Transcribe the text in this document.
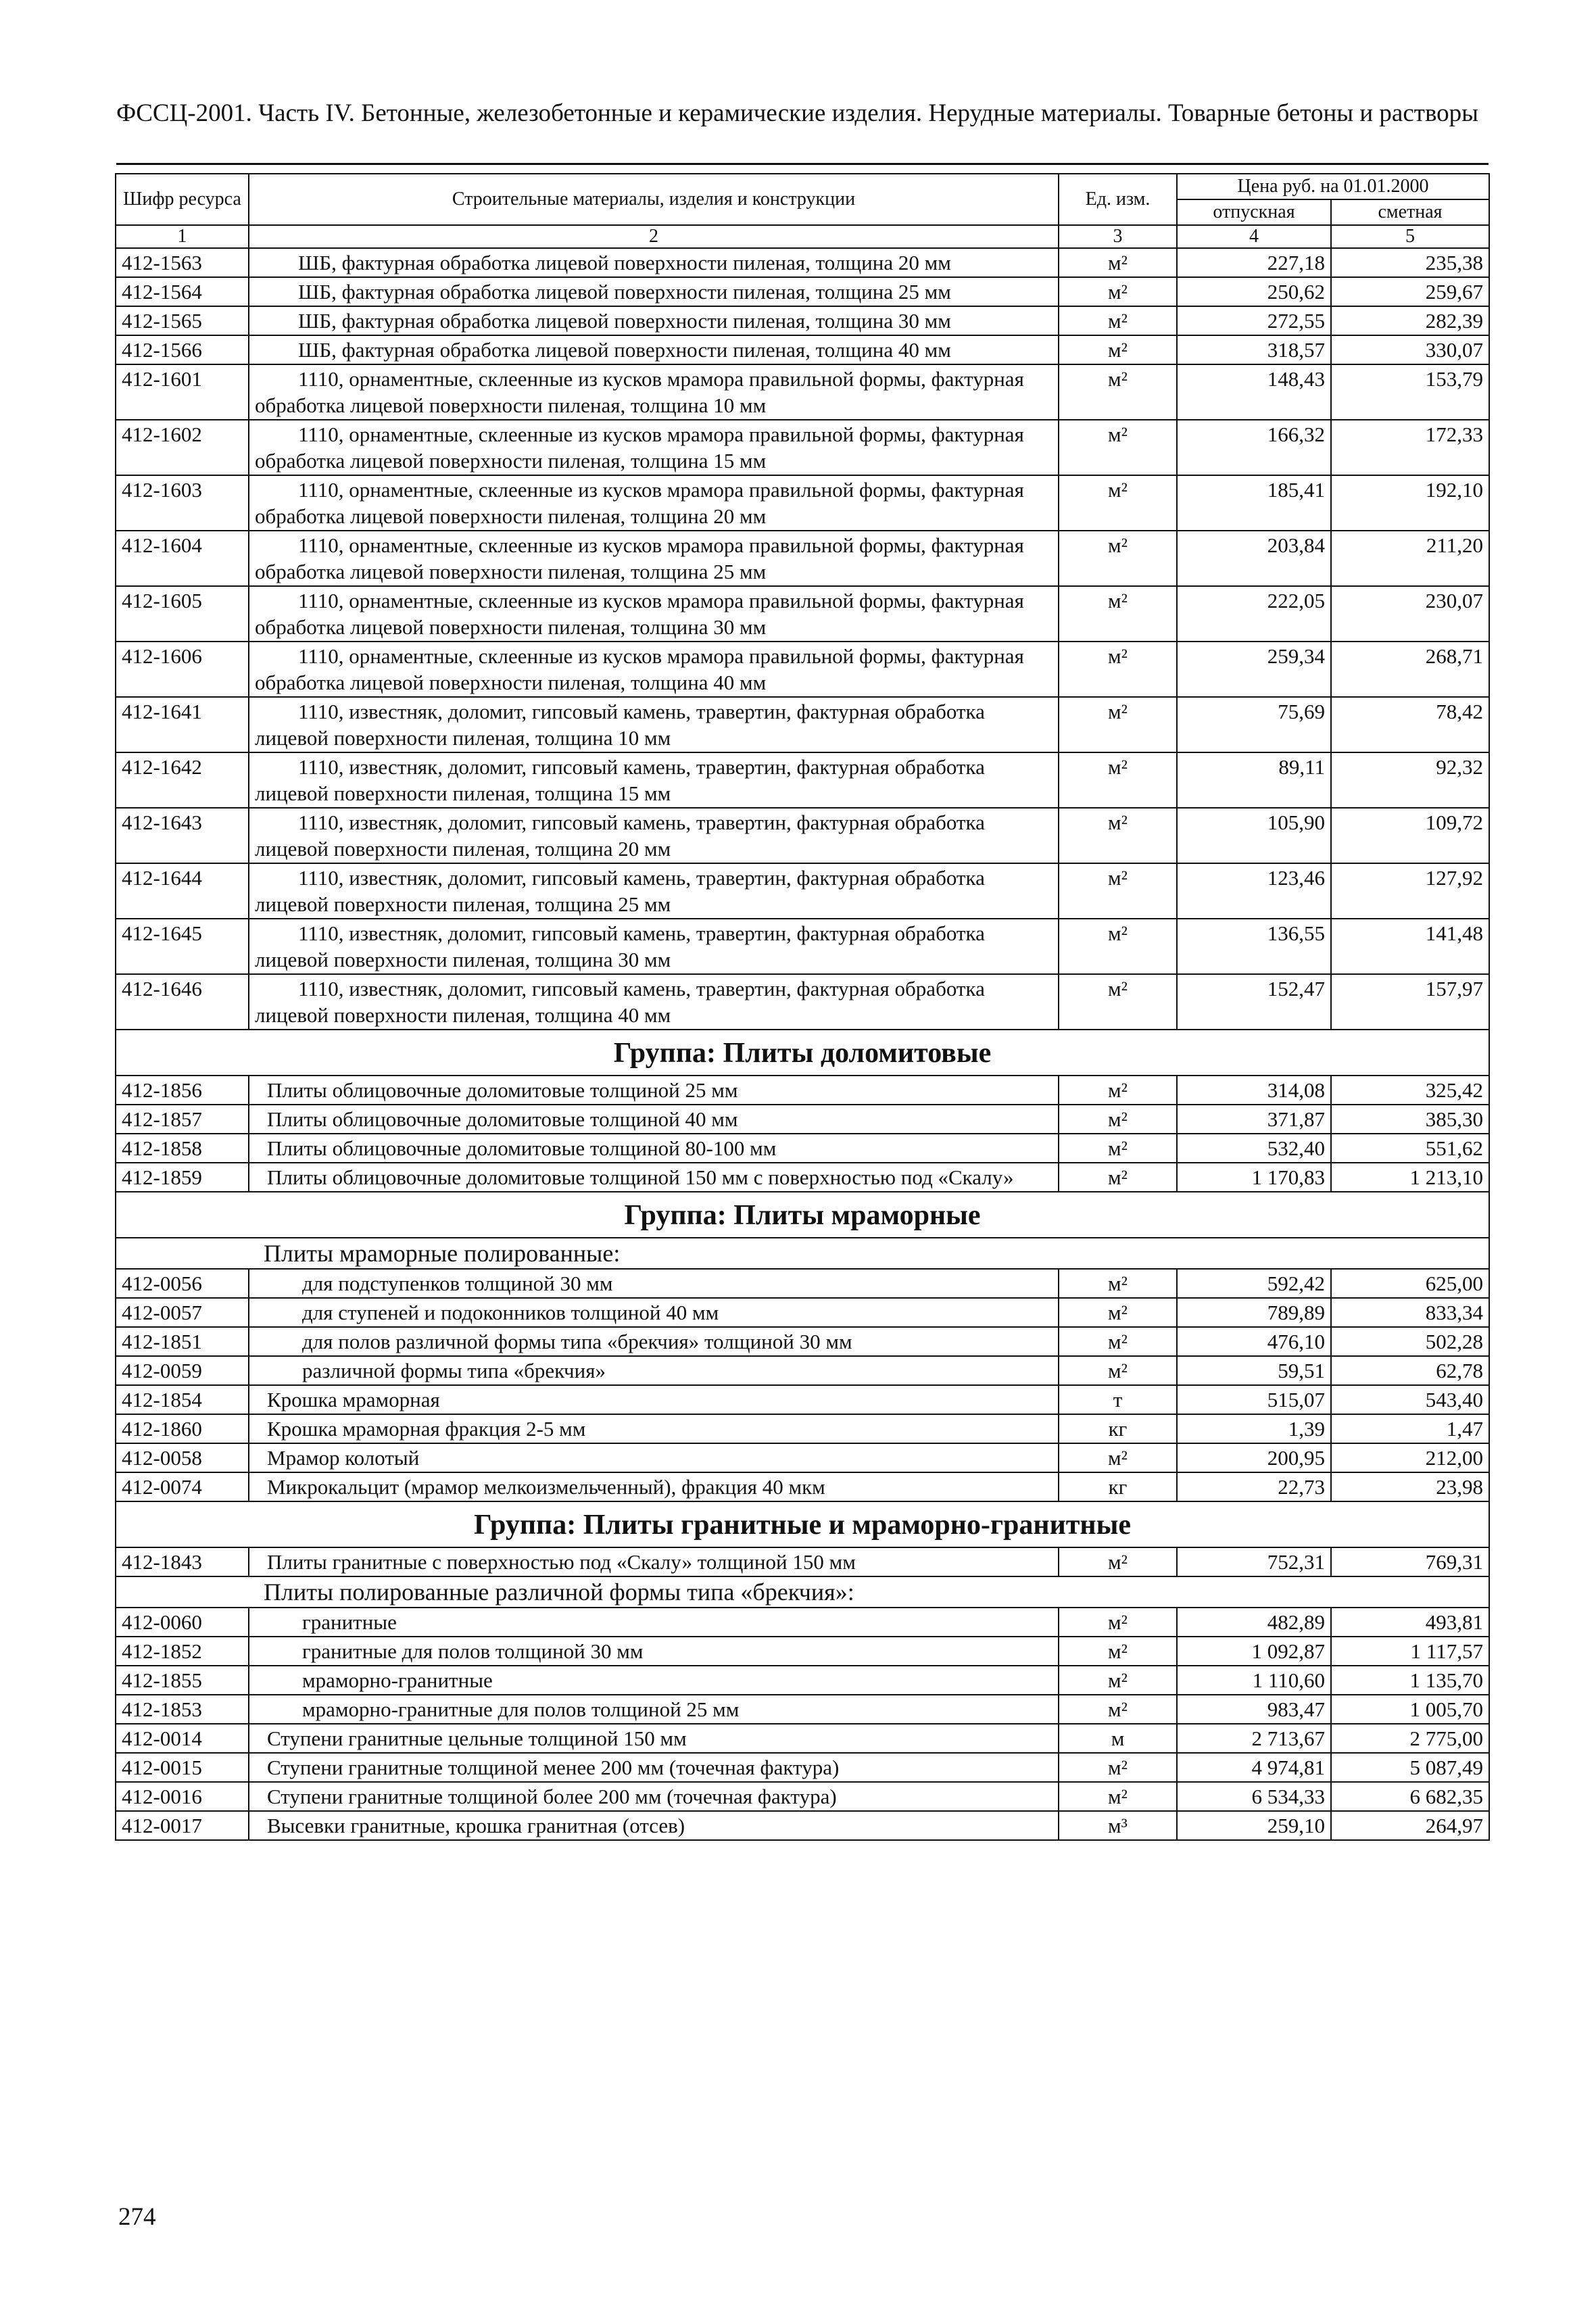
ФССЦ-2001. Часть IV. Бетонные, железобетонные и керамические изделия. Нерудные материалы. Товарные бетоны и растворы
Шифр ресурса	Строительные материалы, изделия и конструкции	Ед. изм.	Цена руб. на 01.01.2000	
			отпускная	сметная
1	2	3	4	5
412-1563	ШБ, фактурная обработка лицевой поверхности пиленая, толщина 20 мм	м²	227,18	235,38
412-1564	ШБ, фактурная обработка лицевой поверхности пиленая, толщина 25 мм	м²	250,62	259,67
412-1565	ШБ, фактурная обработка лицевой поверхности пиленая, толщина 30 мм	м²	272,55	282,39
412-1566	ШБ, фактурная обработка лицевой поверхности пиленая, толщина 40 мм	м²	318,57	330,07
412-1601	1110, орнаментные, склеенные из кусков мрамора правильной формы, фактурная обработка лицевой поверхности пиленая, толщина 10 мм	м²	148,43	153,79
412-1602	1110, орнаментные, склеенные из кусков мрамора правильной формы, фактурная обработка лицевой поверхности пиленая, толщина 15 мм	м²	166,32	172,33
412-1603	1110, орнаментные, склеенные из кусков мрамора правильной формы, фактурная обработка лицевой поверхности пиленая, толщина 20 мм	м²	185,41	192,10
412-1604	1110, орнаментные, склеенные из кусков мрамора правильной формы, фактурная обработка лицевой поверхности пиленая, толщина 25 мм	м²	203,84	211,20
412-1605	1110, орнаментные, склеенные из кусков мрамора правильной формы, фактурная обработка лицевой поверхности пиленая, толщина 30 мм	м²	222,05	230,07
412-1606	1110, орнаментные, склеенные из кусков мрамора правильной формы, фактурная обработка лицевой поверхности пиленая, толщина 40 мм	м²	259,34	268,71
412-1641	1110, известняк, доломит, гипсовый камень, травертин, фактурная обработка лицевой поверхности пиленая, толщина 10 мм	м²	75,69	78,42
412-1642	1110, известняк, доломит, гипсовый камень, травертин, фактурная обработка лицевой поверхности пиленая, толщина 15 мм	м²	89,11	92,32
412-1643	1110, известняк, доломит, гипсовый камень, травертин, фактурная обработка лицевой поверхности пиленая, толщина 20 мм	м²	105,90	109,72
412-1644	1110, известняк, доломит, гипсовый камень, травертин, фактурная обработка лицевой поверхности пиленая, толщина 25 мм	м²	123,46	127,92
412-1645	1110, известняк, доломит, гипсовый камень, травертин, фактурная обработка лицевой поверхности пиленая, толщина 30 мм	м²	136,55	141,48
412-1646	1110, известняк, доломит, гипсовый камень, травертин, фактурная обработка лицевой поверхности пиленая, толщина 40 мм	м²	152,47	157,97
Группа: Плиты доломитовые				
412-1856	Плиты облицовочные доломитовые толщиной 25 мм	м²	314,08	325,42
412-1857	Плиты облицовочные доломитовые толщиной 40 мм	м²	371,87	385,30
412-1858	Плиты облицовочные доломитовые толщиной 80-100 мм	м²	532,40	551,62
412-1859	Плиты облицовочные доломитовые толщиной 150 мм с поверхностью под «Скалу»	м²	1 170,83	1 213,10
Группа: Плиты мраморные				
Плиты мраморные полированные:				
412-0056	для подступенков толщиной 30 мм	м²	592,42	625,00
412-0057	для ступеней и подоконников толщиной 40 мм	м²	789,89	833,34
412-1851	для полов различной формы типа «брекчия» толщиной 30 мм	м²	476,10	502,28
412-0059	различной формы типа «брекчия»	м²	59,51	62,78
412-1854	Крошка мраморная	т	515,07	543,40
412-1860	Крошка мраморная фракция 2-5 мм	кг	1,39	1,47
412-0058	Мрамор колотый	м²	200,95	212,00
412-0074	Микрокальцит (мрамор мелкоизмельченный), фракция 40 мкм	кг	22,73	23,98
Группа: Плиты гранитные и мраморно-гранитные				
412-1843	Плиты гранитные с поверхностью под «Скалу» толщиной 150 мм	м²	752,31	769,31
Плиты полированные различной формы типа «брекчия»:				
412-0060	гранитные	м²	482,89	493,81
412-1852	гранитные для полов толщиной 30 мм	м²	1 092,87	1 117,57
412-1855	мраморно-гранитные	м²	1 110,60	1 135,70
412-1853	мраморно-гранитные для полов толщиной 25 мм	м²	983,47	1 005,70
412-0014	Ступени гранитные цельные толщиной 150 мм	м	2 713,67	2 775,00
412-0015	Ступени гранитные толщиной менее 200 мм (точечная фактура)	м²	4 974,81	5 087,49
412-0016	Ступени гранитные толщиной более 200 мм (точечная фактура)	м²	6 534,33	6 682,35
412-0017	Высевки гранитные, крошка гранитная (отсев)	м³	259,10	264,97
274
